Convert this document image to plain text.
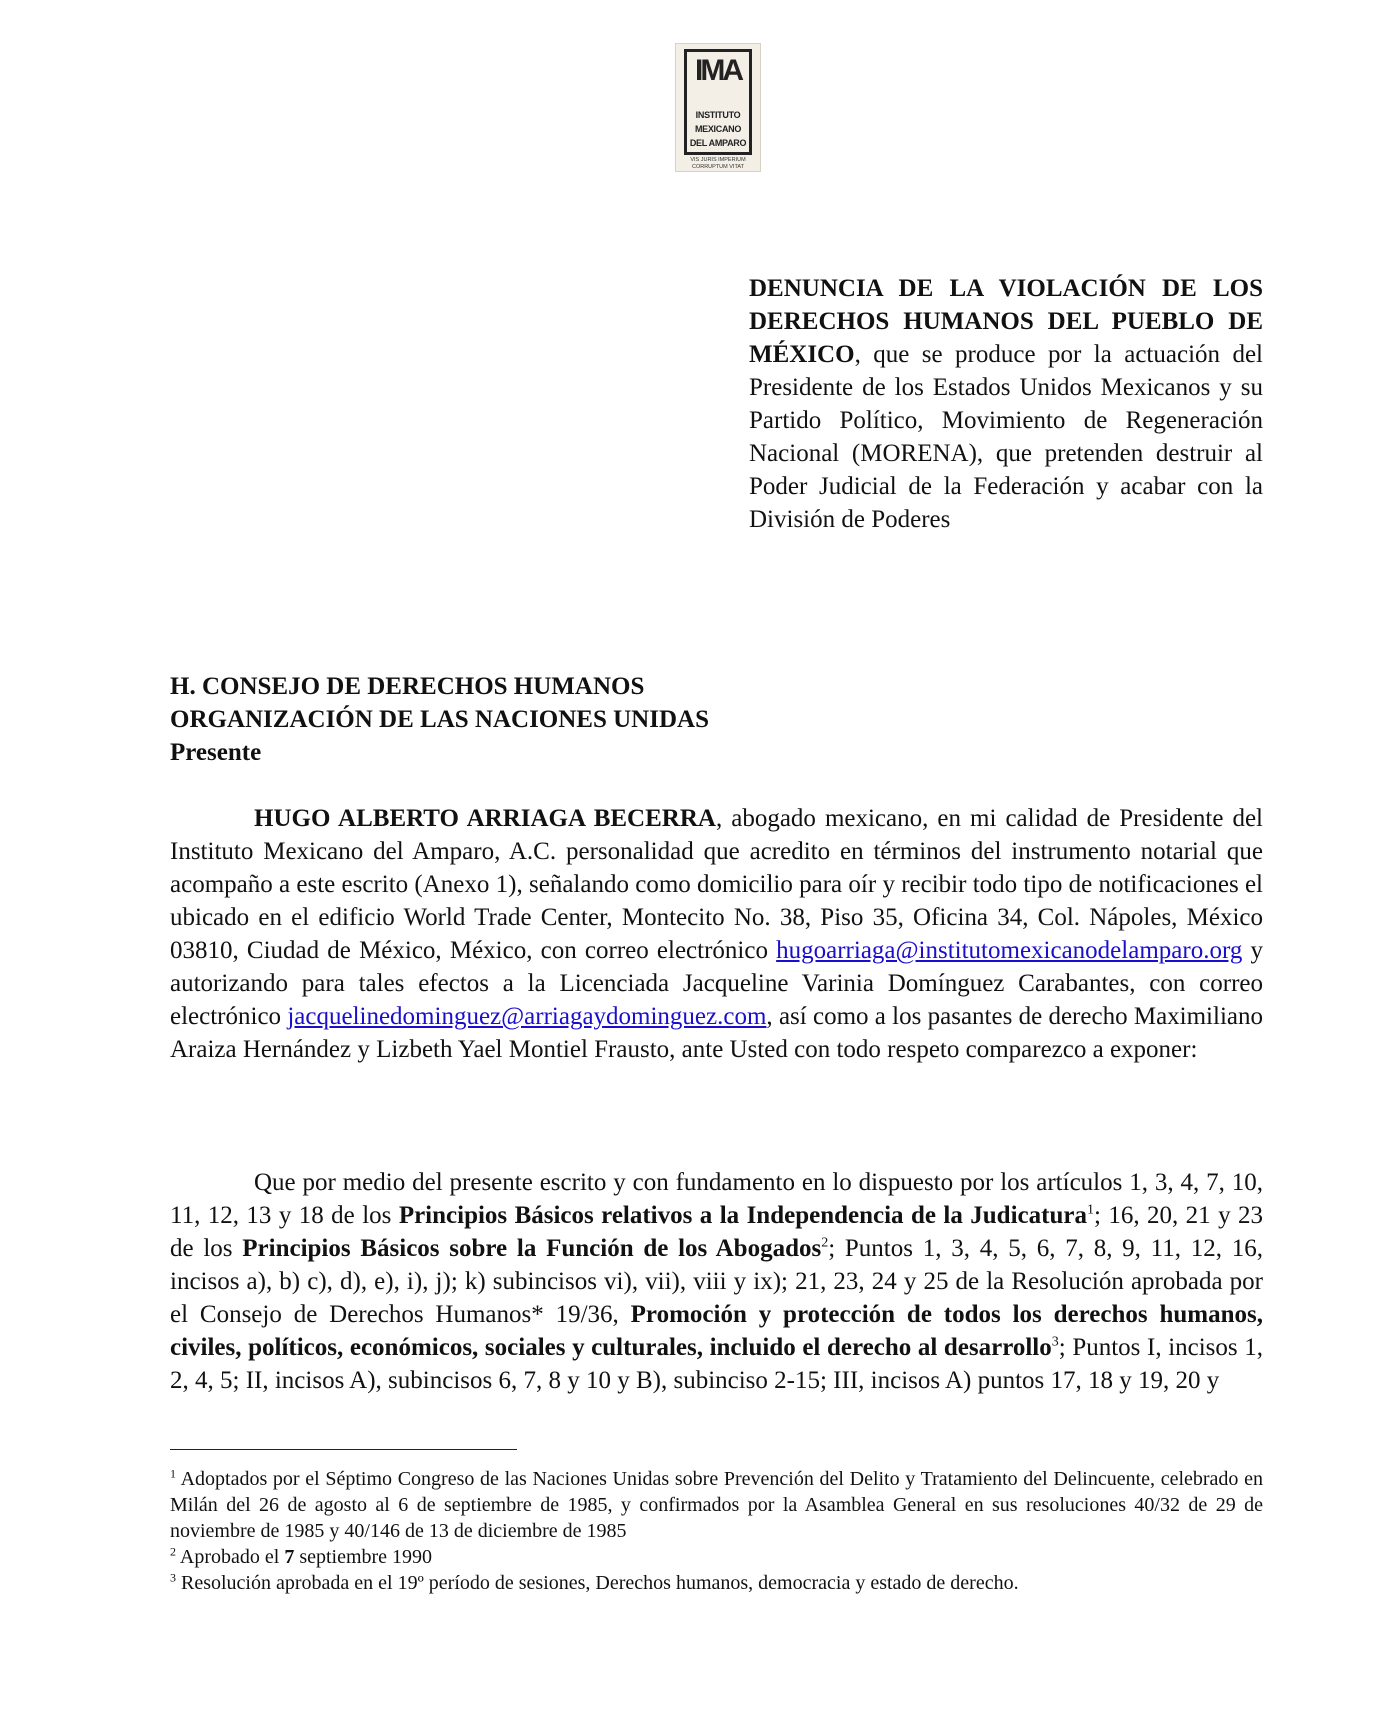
IMA
INSTITUTO
MEXICANO
DEL AMPARO
VIS JURIS IMPERIUM
CORRUPTUM VITAT
DENUNCIA DE LA VIOLACIÓN DE LOS DERECHOS HUMANOS DEL PUEBLO DE MÉXICO, que se produce por la actuación del Presidente de los Estados Unidos Mexicanos y su Partido Político, Movimiento de Regeneración Nacional (MORENA), que pretenden destruir al Poder Judicial de la Federación y acabar con la División de Poderes
H. CONSEJO DE DERECHOS HUMANOS
ORGANIZACIÓN DE LAS NACIONES UNIDAS
Presente

HUGO ALBERTO ARRIAGA BECERRA, abogado mexicano, en mi calidad de Presidente del Instituto Mexicano del Amparo, A.C. personalidad que acredito en términos del instrumento notarial que acompaño a este escrito (Anexo 1), señalando como domicilio para oír y recibir todo tipo de notificaciones el ubicado en el edificio World Trade Center, Montecito No. 38, Piso 35, Oficina 34, Col. Nápoles, México 03810, Ciudad de México, México, con correo electrónico hugoarriaga@institutomexicanodelamparo.org y autorizando para tales efectos a la Licenciada Jacqueline Varinia Domínguez Carabantes, con correo electrónico jacquelinedominguez@arriagaydominguez.com, así como a los pasantes de derecho Maximiliano Araiza Hernández y Lizbeth Yael Montiel Frausto, ante Usted con todo respeto comparezco a exponer:

Que por medio del presente escrito y con fundamento en lo dispuesto por los artículos 1, 3, 4, 7, 10, 11, 12, 13 y 18 de los Principios Básicos relativos a la Independencia de la Judicatura$^1$; 16, 20, 21 y 23 de los Principios Básicos sobre la Función de los Abogados$^2$; Puntos 1, 3, 4, 5, 6, 7, 8, 9, 11, 12, 16, incisos a), b) c), d), e), i), j); k) subincisos vi), vii), viii y ix); 21, 23, 24 y 25 de la Resolución aprobada por el Consejo de Derechos Humanos* 19/36, Promoción y protección de todos los derechos humanos, civiles, políticos, económicos, sociales y culturales, incluido el derecho al desarrollo$^3$; Puntos I, incisos 1, 2, 4, 5; II, incisos A), subincisos 6, 7, 8 y 10 y B), subinciso 2-15; III, incisos A) puntos 17, 18 y 19, 20 y

$^1$ Adoptados por el Séptimo Congreso de las Naciones Unidas sobre Prevención del Delito y Tratamiento del Delincuente, celebrado en Milán del 26 de agosto al 6 de septiembre de 1985, y confirmados por la Asamblea General en sus resoluciones 40/32 de 29 de noviembre de 1985 y 40/146 de 13 de diciembre de 1985

$^2$ Aprobado el 7 septiembre 1990

$^3$ Resolución aprobada en el 19º período de sesiones, Derechos humanos, democracia y estado de derecho.
